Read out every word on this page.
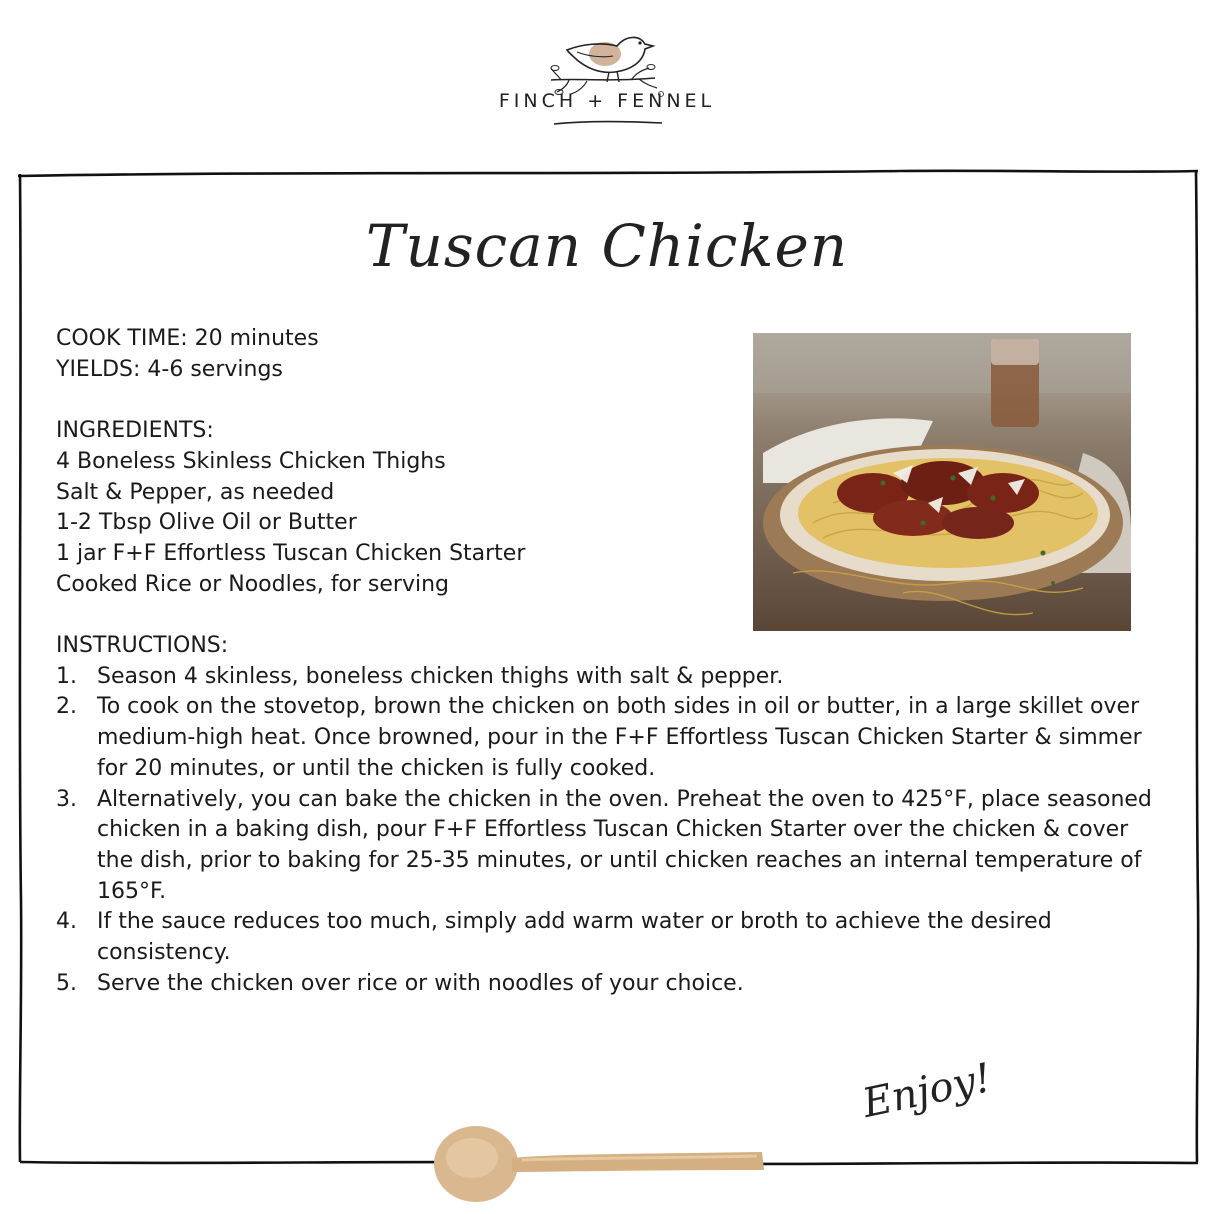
FINCH + FENNEL
Tuscan Chicken

COOK TIME: 20 minutes

YIELDS: 4-6 servings

INGREDIENTS:

4 Boneless Skinless Chicken Thighs

Salt & Pepper, as needed

1-2 Tbsp Olive Oil or Butter

1 jar F+F Effortless Tuscan Chicken Starter

Cooked Rice or Noodles, for serving

INSTRUCTIONS:

1. Season 4 skinless, boneless chicken thighs with salt & pepper.
2. To cook on the stovetop, brown the chicken on both sides in oil or butter, in a large skillet over medium-high heat. Once browned, pour in the F+F Effortless Tuscan Chicken Starter & simmer for 20 minutes, or until the chicken is fully cooked.
3. Alternatively, you can bake the chicken in the oven. Preheat the oven to 425°F, place seasoned chicken in a baking dish, pour F+F Effortless Tuscan Chicken Starter over the chicken & cover the dish, prior to baking for 25-35 minutes, or until chicken reaches an internal temperature of 165°F.
4. If the sauce reduces too much, simply add warm water or broth to achieve the desired consistency.
5. Serve the chicken over rice or with noodles of your choice.
Enjoy!
